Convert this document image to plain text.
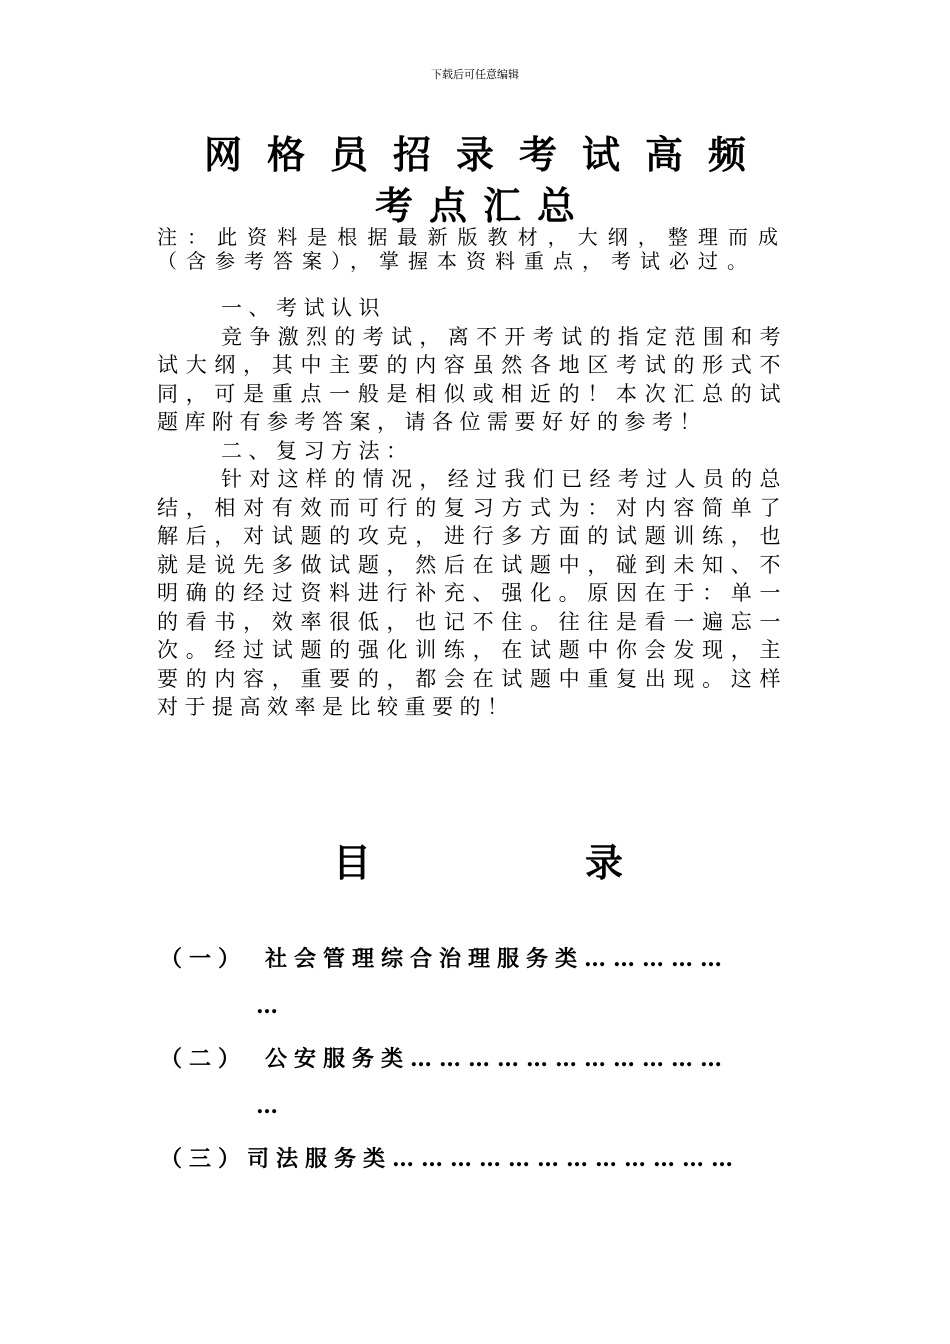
下载后可任意编辑
网格员招录考试高频
考点汇总

注：此资料是根据最新版教材，大纲，整理而成（含参考答案），掌握本资料重点，考试必过。

一、考试认识

竞争激烈的考试，离不开考试的指定范围和考试大纲，其中主要的内容虽然各地区考试的形式不同，可是重点一般是相似或相近的！本次汇总的试题库附有参考答案，请各位需要好好的参考！

二、复习方法：

针对这样的情况，经过我们已经考过人员的总结，相对有效而可行的复习方式为：对内容简单了解后，对试题的攻克，进行多方面的试题训练，也就是说先多做试题，然后在试题中，碰到未知、不明确的经过资料进行补充、强化。原因在于：单一的看书，效率很低，也记不住。往往是看一遍忘一次。经过试题的强化训练，在试题中你会发现，主要的内容，重要的，都会在试题中重复出现。这样对于提高效率是比较重要的！

目	录
（一）　社会管理综合治理服务类……………
…
（二）　公安服务类……………………………
…
（三）司法服务类………………………………
